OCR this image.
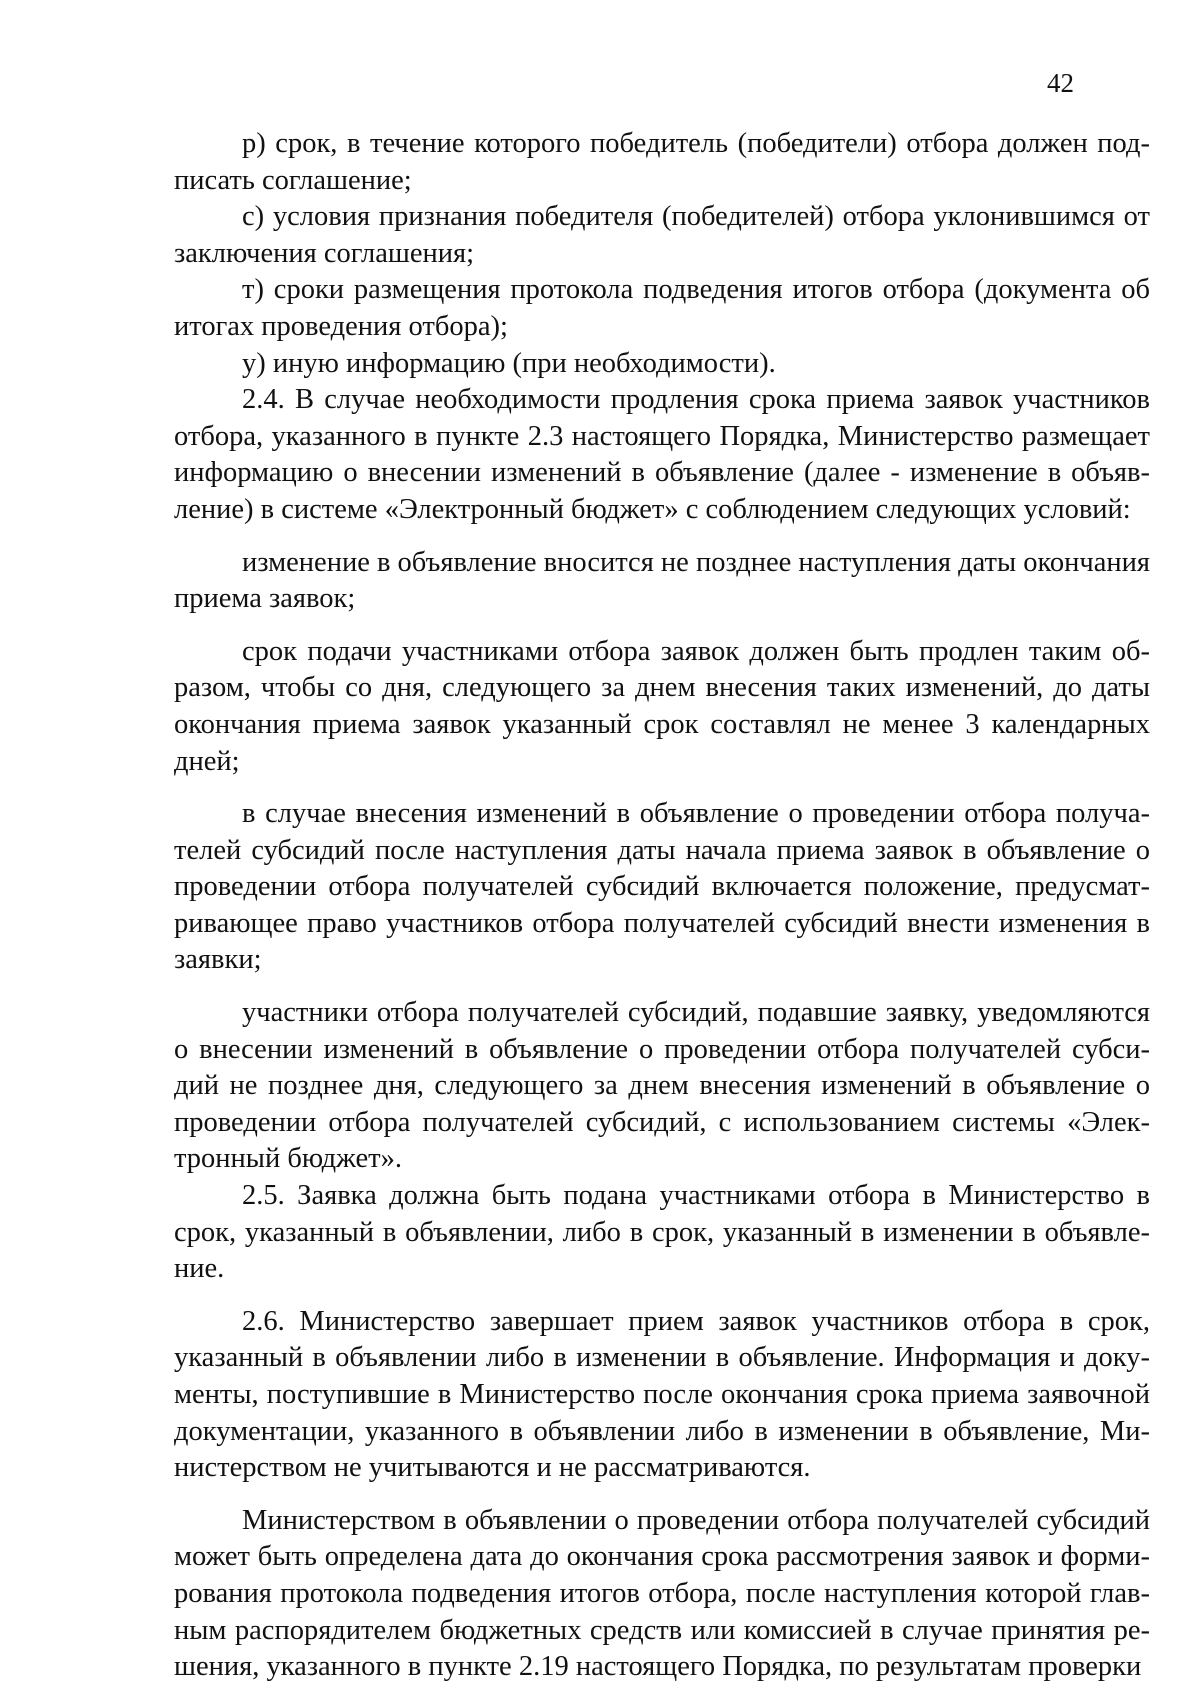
42

р) срок, в течение которого победитель (победители) отбора должен подписать соглашение;

с) условия признания победителя (победителей) отбора уклонившимся от заключения соглашения;

т) сроки размещения протокола подведения итогов отбора (документа об итогах проведения отбора);

у) иную информацию (при необходимости).

2.4. В случае необходимости продления срока приема заявок участников отбора, указанного в пункте 2.3 настоящего Порядка, Министерство размещает информацию о внесении изменений в объявление (далее - изменение в объявление) в системе «Электронный бюджет» с соблюдением следующих условий:

изменение в объявление вносится не позднее наступления даты окончания приема заявок;

срок подачи участниками отбора заявок должен быть продлен таким образом, чтобы со дня, следующего за днем внесения таких изменений, до даты окончания приема заявок указанный срок составлял не менее 3 календарных дней;

в случае внесения изменений в объявление о проведении отбора получателей субсидий после наступления даты начала приема заявок в объявление о проведении отбора получателей субсидий включается положение, предусматривающее право участников отбора получателей субсидий внести изменения в заявки;

участники отбора получателей субсидий, подавшие заявку, уведомляются о внесении изменений в объявление о проведении отбора получателей субсидий не позднее дня, следующего за днем внесения изменений в объявление о проведении отбора получателей субсидий, с использованием системы «Электронный бюджет».

2.5. Заявка должна быть подана участниками отбора в Министерство в срок, указанный в объявлении, либо в срок, указанный в изменении в объявление.

2.6. Министерство завершает прием заявок участников отбора в срок, указанный в объявлении либо в изменении в объявление. Информация и документы, поступившие в Министерство после окончания срока приема заявочной документации, указанного в объявлении либо в изменении в объявление, Министерством не учитываются и не рассматриваются.

Министерством в объявлении о проведении отбора получателей субсидий может быть определена дата до окончания срока рассмотрения заявок и формирования протокола подведения итогов отбора, после наступления которой главным распорядителем бюджетных средств или комиссией в случае принятия решения, указанного в пункте 2.19 настоящего Порядка, по результатам проверки
